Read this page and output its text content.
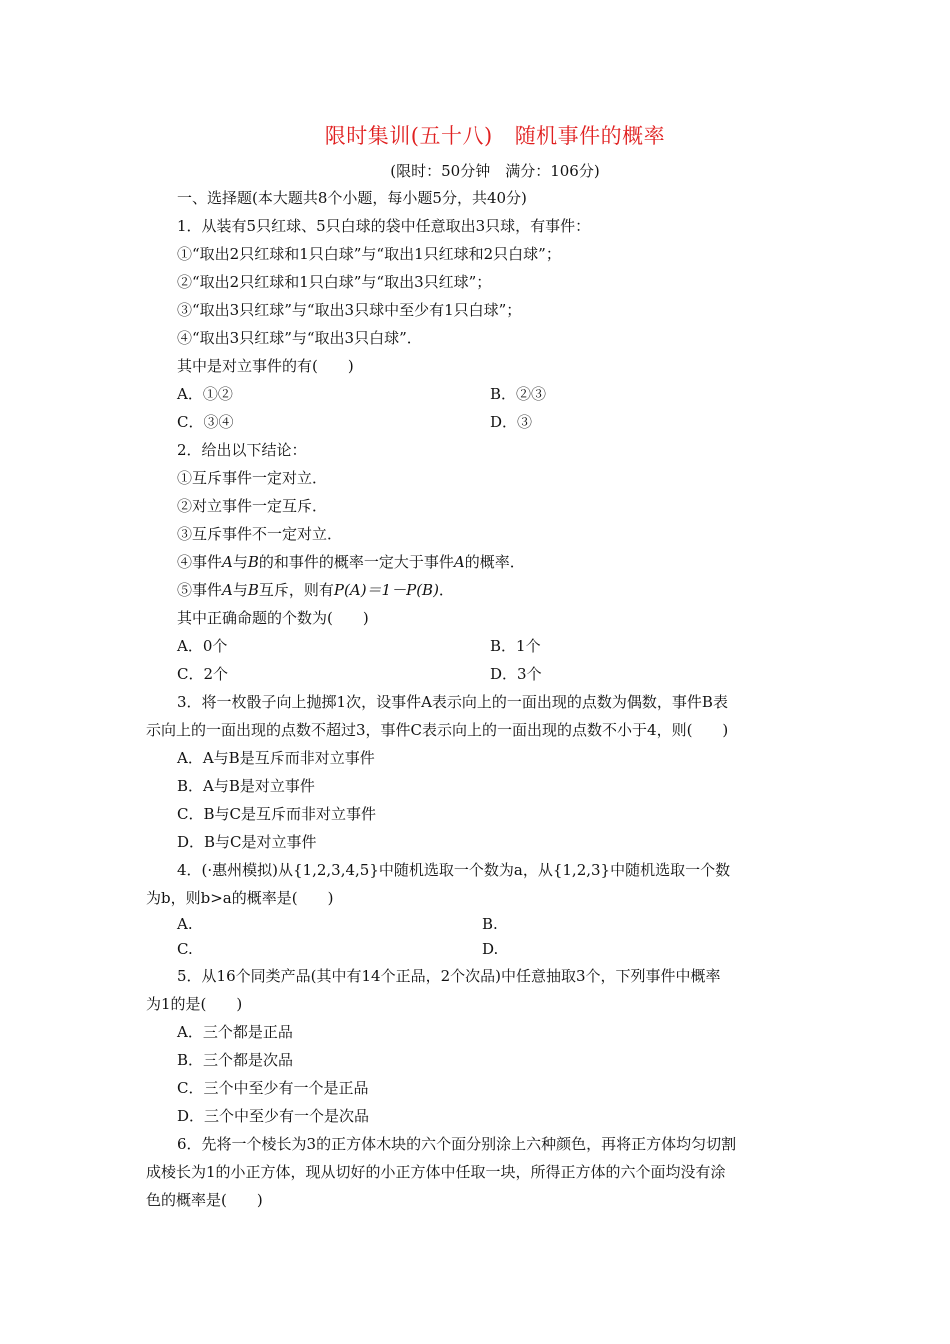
限时集训(五十八) 随机事件的概率
(限时：50分钟　满分：106分)
一、选择题(本大题共8个小题，每小题5分，共40分)
1．从装有5只红球、5只白球的袋中任意取出3只球，有事件：
①“取出2只红球和1只白球”与“取出1只红球和2只白球”；
②“取出2只红球和1只白球”与“取出3只红球”；
③“取出3只红球”与“取出3只球中至少有1只白球”；
④“取出3只红球”与“取出3只白球”．
其中是对立事件的有(　　)
A．①②	B．②③
C．③④	D．③
2．给出以下结论：
①互斥事件一定对立．
②对立事件一定互斥．
③互斥事件不一定对立．
④事件A与B的和事件的概率一定大于事件A的概率．
⑤事件A与B互斥，则有P(A)＝1－P(B)．
其中正确命题的个数为(　　)
A．0个	B．1个
C．2个	D．3个
3．将一枚骰子向上抛掷1次，设事件A表示向上的一面出现的点数为偶数，事件B表
示向上的一面出现的点数不超过3，事件C表示向上的一面出现的点数不小于4，则(　　)
A．A与B是互斥而非对立事件
B．A与B是对立事件
C．B与C是互斥而非对立事件
D．B与C是对立事件
4．(·惠州模拟)从{1,2,3,4,5}中随机选取一个数为a，从{1,2,3}中随机选取一个数
为b，则b>a的概率是(　　)
A.	B.
C.	D.
5．从16个同类产品(其中有14个正品，2个次品)中任意抽取3个，下列事件中概率
为1的是(　　)
A．三个都是正品
B．三个都是次品
C．三个中至少有一个是正品
D．三个中至少有一个是次品
6．先将一个棱长为3的正方体木块的六个面分别涂上六种颜色，再将正方体均匀切割
成棱长为1的小正方体，现从切好的小正方体中任取一块，所得正方体的六个面均没有涂
色的概率是(　　)
